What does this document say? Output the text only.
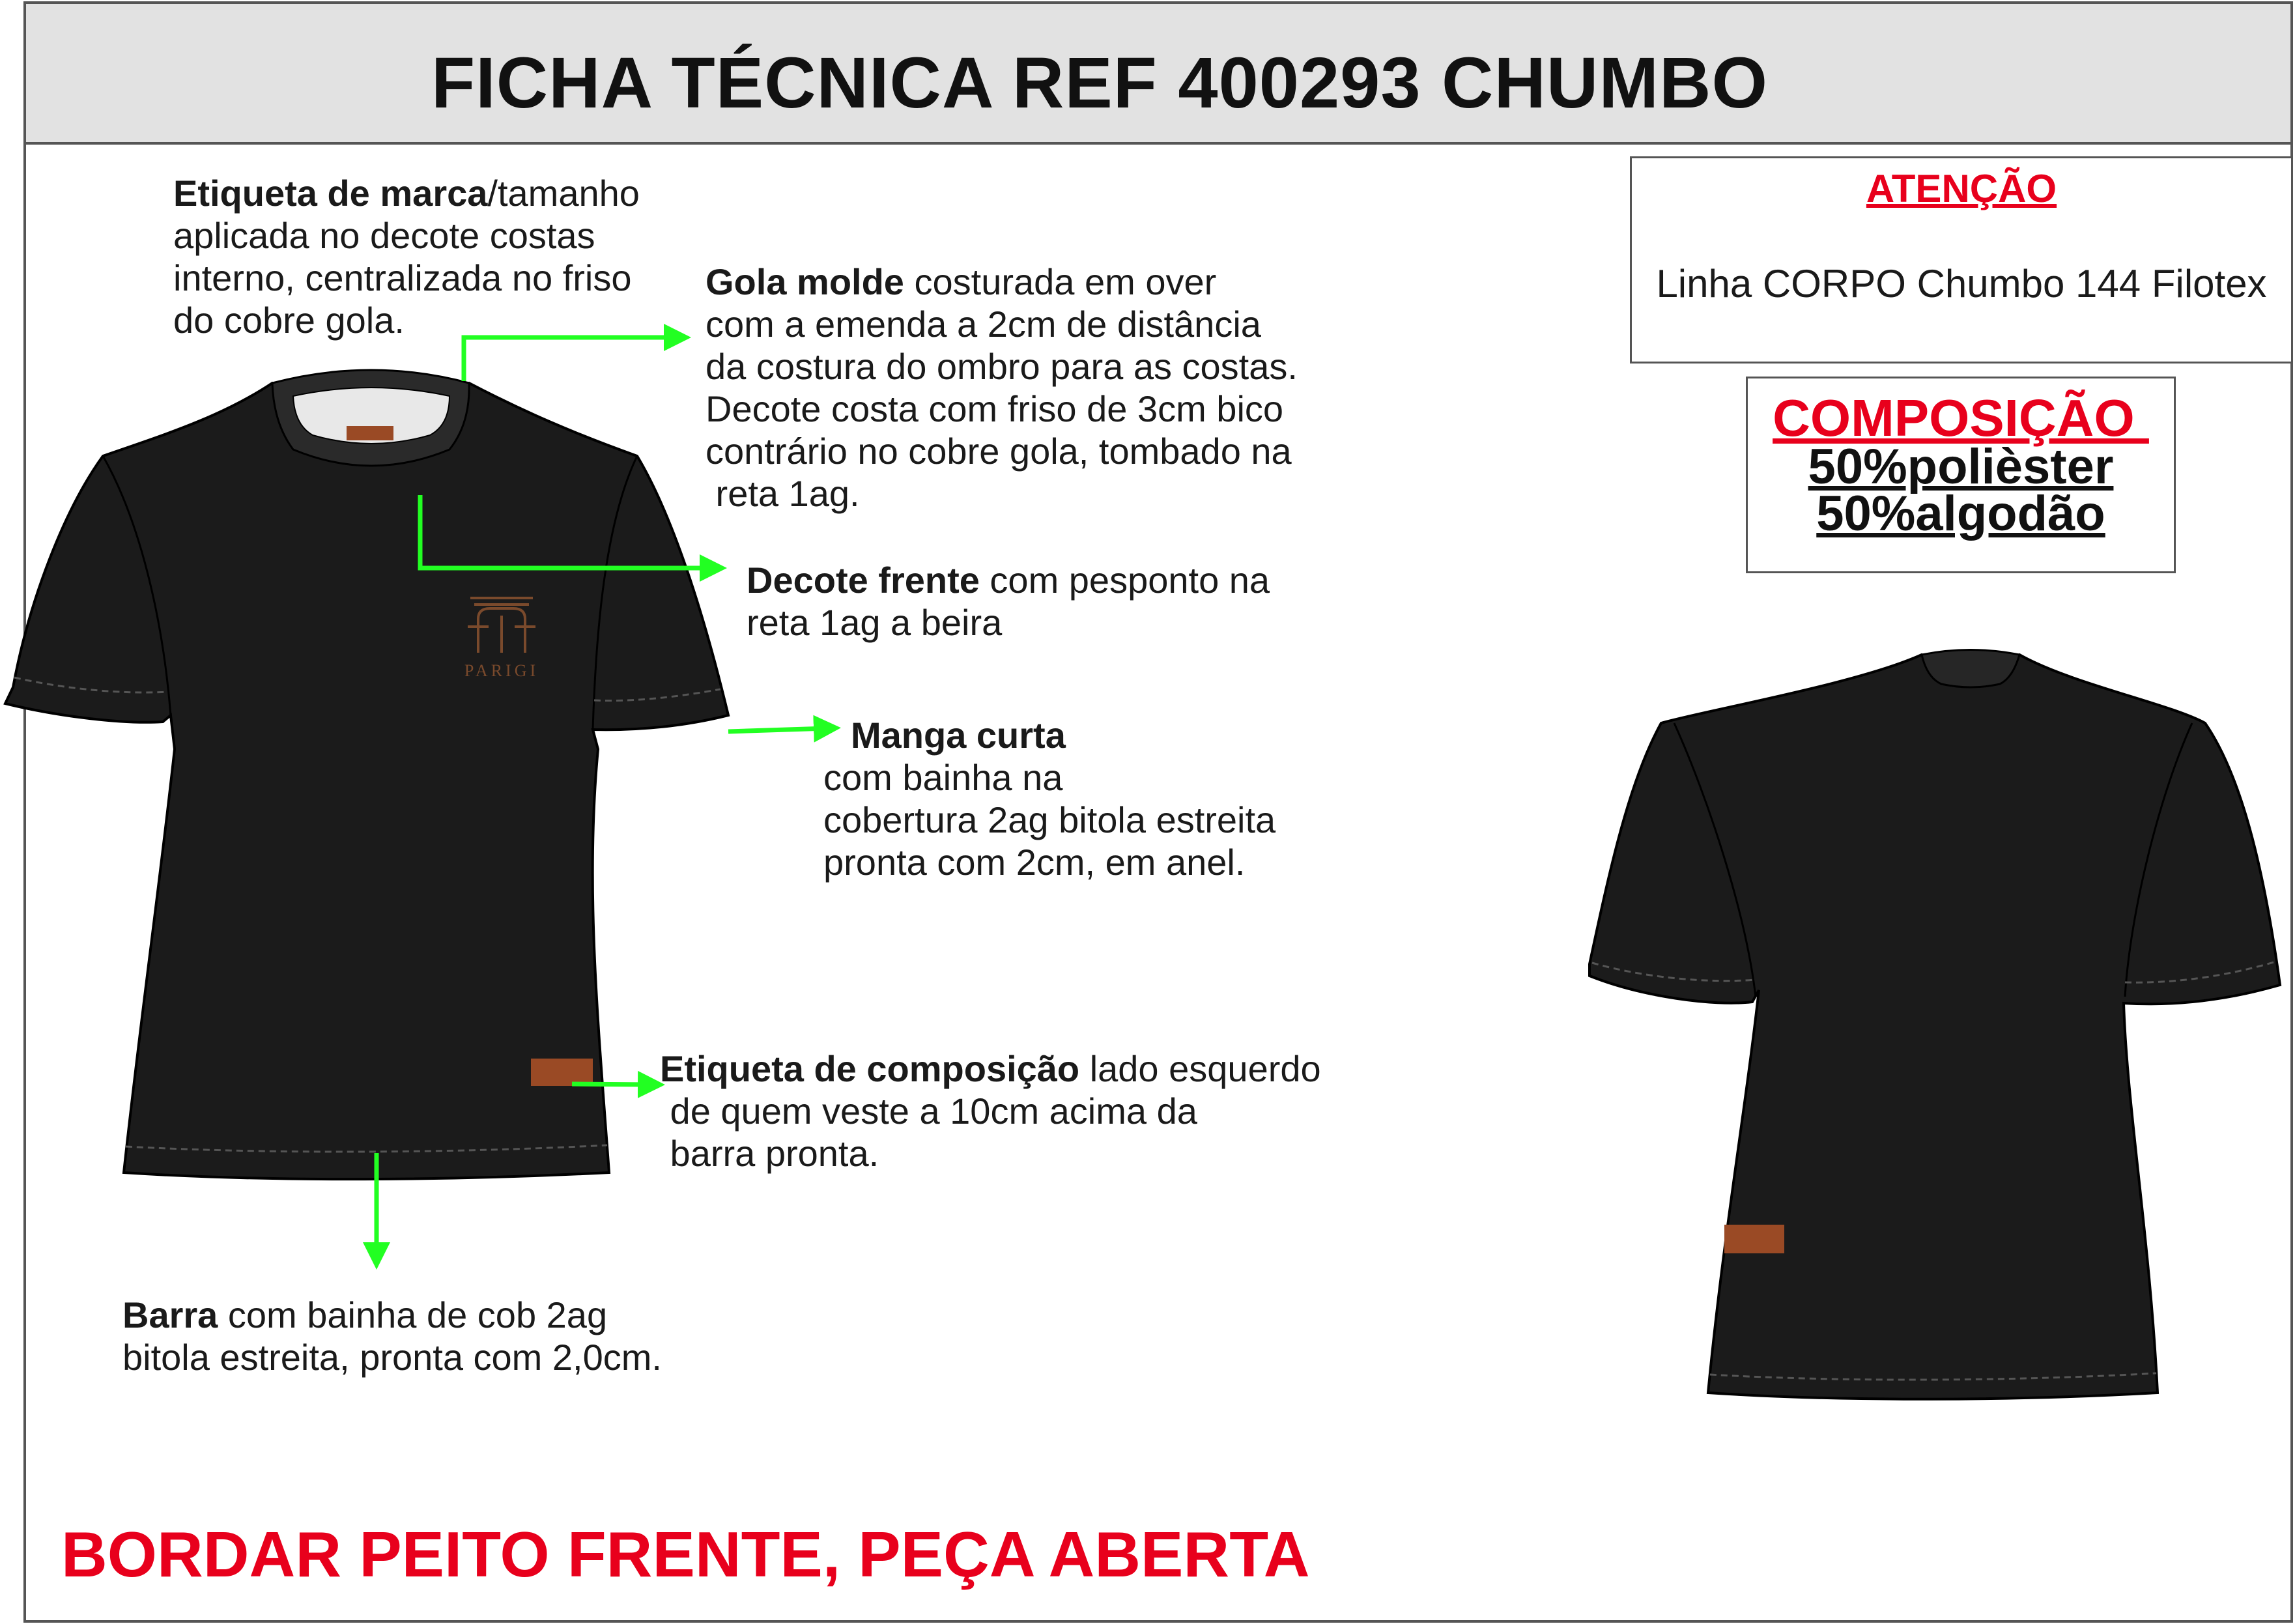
FICHA TÉCNICA REF 400293 CHUMBO
PARIGI
Etiqueta de marca/tamanho
aplicada no decote costas
interno, centralizada no friso
do cobre gola.
Gola molde costurada em over
com a emenda a 2cm de distância
da costura do ombro para as costas.
Decote costa com friso de 3cm bico
contrário no cobre gola, tombado na
reta 1ag.
Decote frente com pesponto na
reta 1ag a beira
Manga curta
com bainha na
cobertura 2ag bitola estreita
pronta com 2cm, em anel.
Etiqueta de composição lado esquerdo
de quem veste a 10cm acima da
barra pronta.
Barra com bainha de cob 2ag
bitola estreita, pronta com 2,0cm.
ATENÇÃO
Linha CORPO Chumbo 144 Filotex
COMPOSIÇÃO
50%polièster
50%algodão
BORDAR PEITO FRENTE, PEÇA ABERTA
